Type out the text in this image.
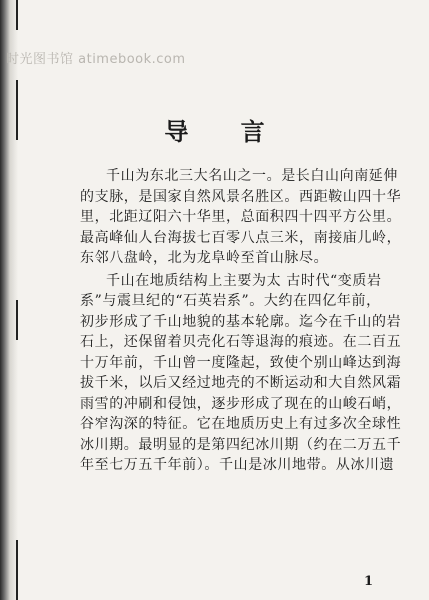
时光图书馆 atimebook.com
导 言
千山为东北三大名山之一。是长白山向南延伸
的支脉，是国家自然风景名胜区。西距鞍山四十华
里，北距辽阳六十华里，总面积四十四平方公里。
最高峰仙人台海拔七百零八点三米，南接庙儿岭，
东邻八盘岭，北为龙阜岭至首山脉尽。
千山在地质结构上主要为太 古时代“变质岩
系”与震旦纪的“石英岩系”。大约在四亿年前，
初步形成了千山地貌的基本轮廓。迄今在千山的岩
石上，还保留着贝壳化石等退海的痕迹。在二百五
十万年前，千山曾一度隆起，致使个别山峰达到海
拔千米，以后又经过地壳的不断运动和大自然风霜
雨雪的冲刷和侵蚀，逐步形成了现在的山峻石峭，
谷窄沟深的特征。它在地质历史上有过多次全球性
冰川期。最明显的是第四纪冰川期（约在二万五千
年至七万五千年前）。千山是冰川地带。从冰川遗
1
